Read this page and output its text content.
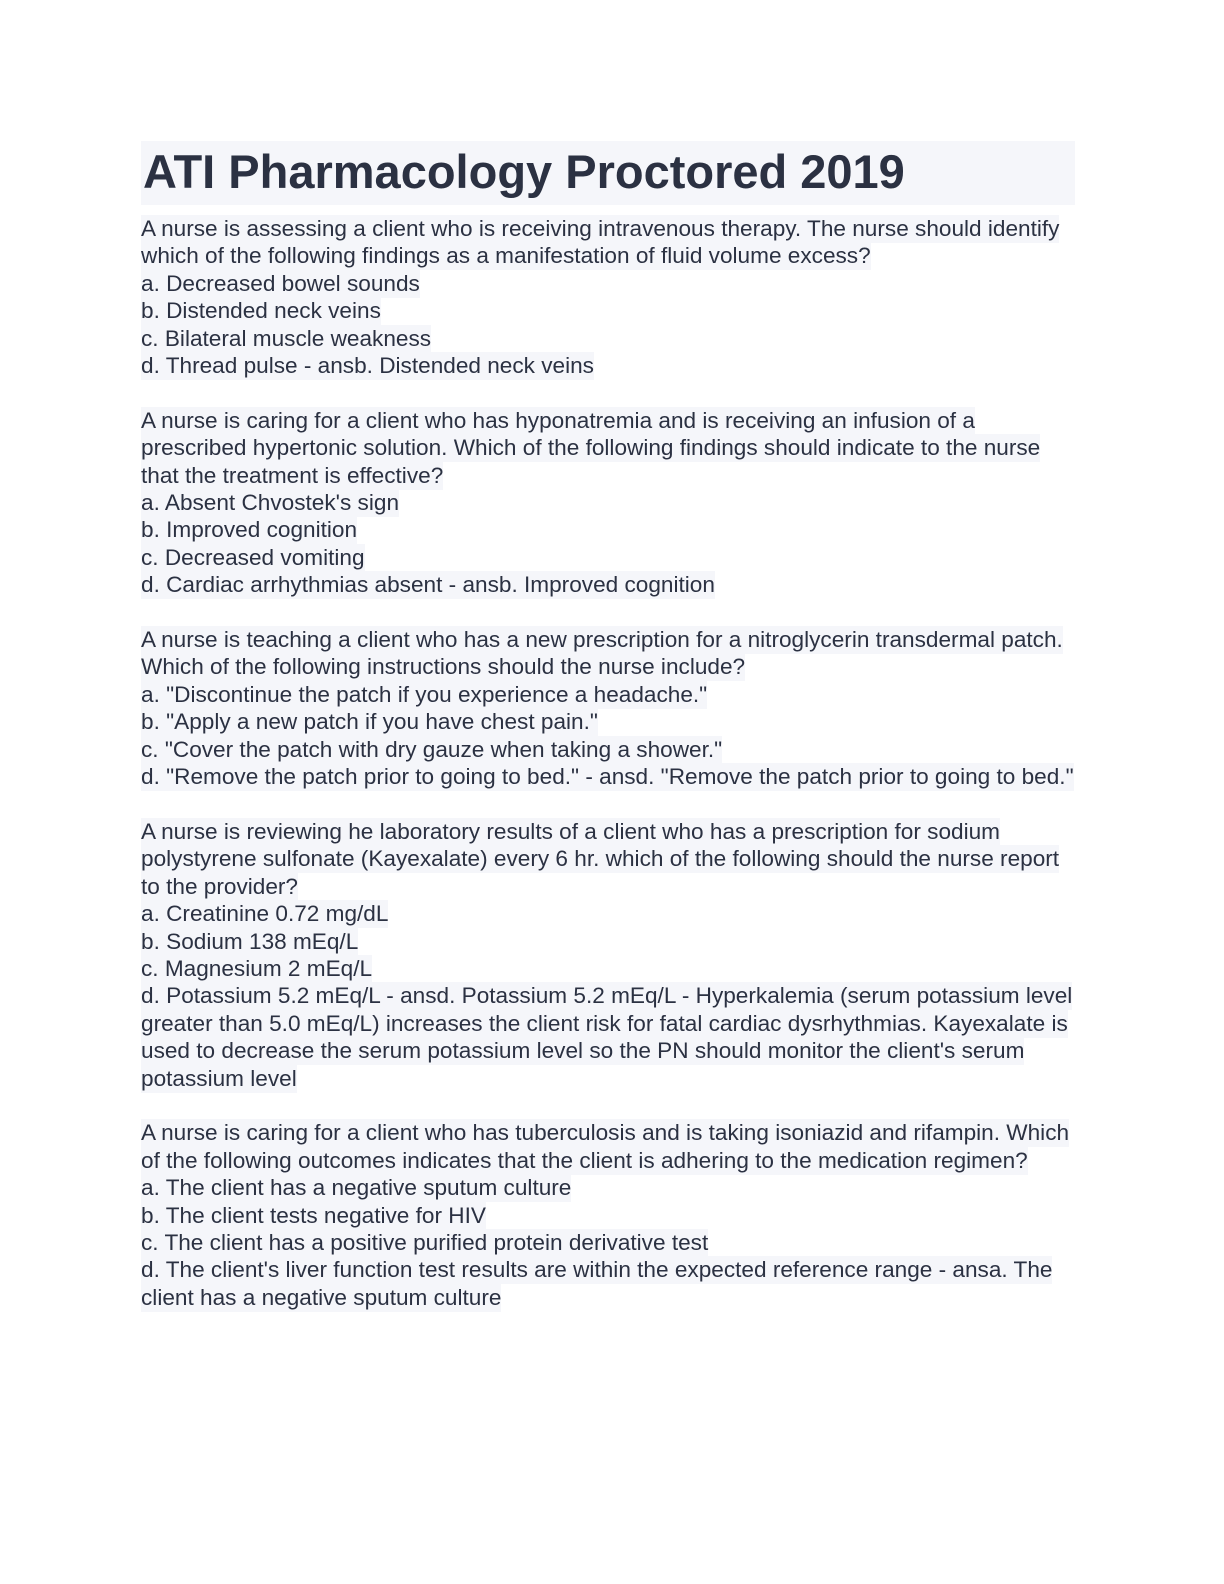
ATI Pharmacology Proctored 2019

A nurse is assessing a client who is receiving intravenous therapy. The nurse should identify which of the following findings as a manifestation of fluid volume excess?
a. Decreased bowel sounds
b. Distended neck veins
c. Bilateral muscle weakness
d. Thread pulse - ansb. Distended neck veins

A nurse is caring for a client who has hyponatremia and is receiving an infusion of a prescribed hypertonic solution. Which of the following findings should indicate to the nurse that the treatment is effective?
a. Absent Chvostek's sign
b. Improved cognition
c. Decreased vomiting
d. Cardiac arrhythmias absent - ansb. Improved cognition

A nurse is teaching a client who has a new prescription for a nitroglycerin transdermal patch. Which of the following instructions should the nurse include?
a. "Discontinue the patch if you experience a headache."
b. "Apply a new patch if you have chest pain."
c. "Cover the patch with dry gauze when taking a shower."
d. "Remove the patch prior to going to bed." - ansd. "Remove the patch prior to going to bed."

A nurse is reviewing he laboratory results of a client who has a prescription for sodium polystyrene sulfonate (Kayexalate) every 6 hr. which of the following should the nurse report to the provider?
a. Creatinine 0.72 mg/dL
b. Sodium 138 mEq/L
c. Magnesium 2 mEq/L
d. Potassium 5.2 mEq/L - ansd. Potassium 5.2 mEq/L - Hyperkalemia (serum potassium level greater than 5.0 mEq/L) increases the client risk for fatal cardiac dysrhythmias. Kayexalate is used to decrease the serum potassium level so the PN should monitor the client's serum potassium level

A nurse is caring for a client who has tuberculosis and is taking isoniazid and rifampin. Which of the following outcomes indicates that the client is adhering to the medication regimen?
a. The client has a negative sputum culture
b. The client tests negative for HIV
c. The client has a positive purified protein derivative test
d. The client's liver function test results are within the expected reference range - ansa. The client has a negative sputum culture
